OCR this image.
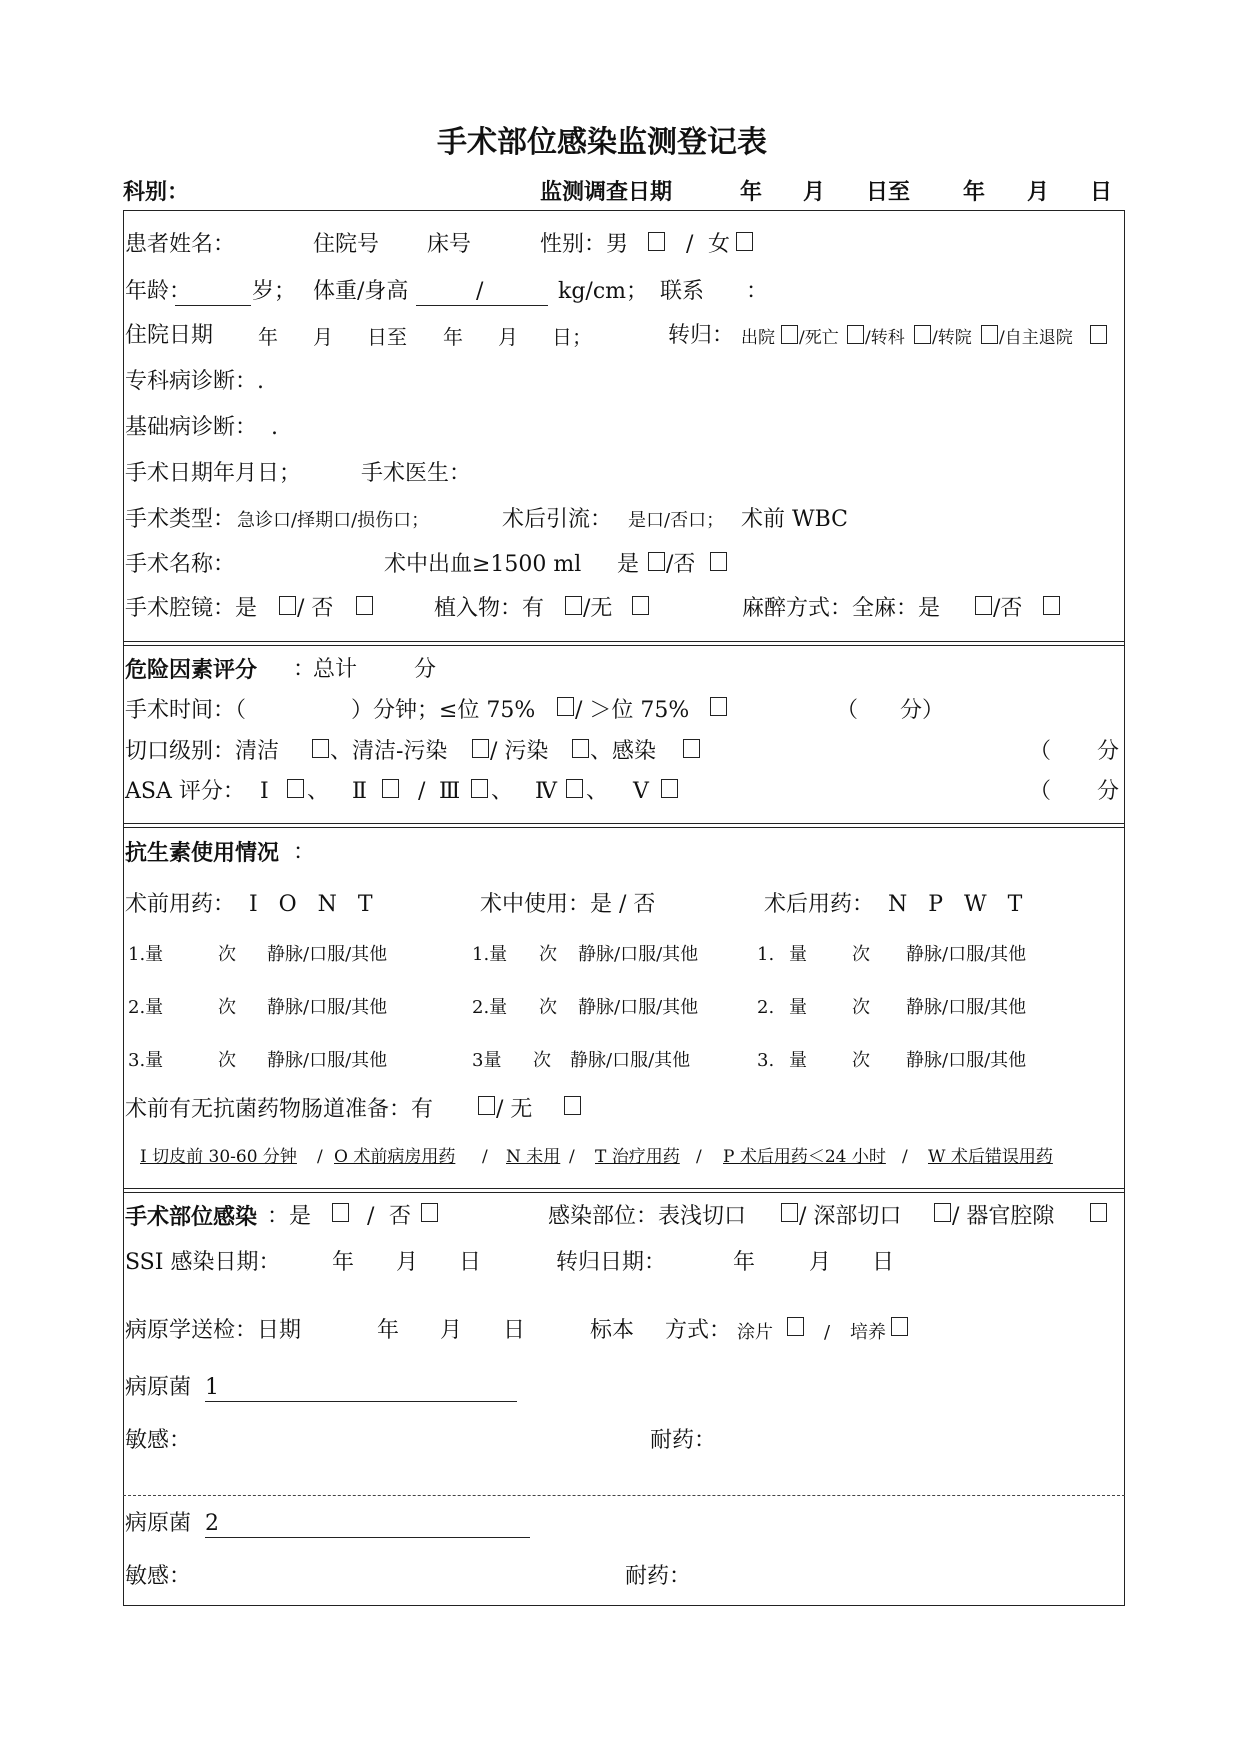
手术部位感染监测登记表
科别：	监测调查日期	年 月 日至 年 月 日
患者姓名：	住院号 床号	性别：男	/ 女
年龄 ：	岁； 体重/身高	/	kg/cm； 联系 ：
住院日期 年 月 日至 年 月 日；	转归： 出院 /死亡 /转科 /转院 /自主退院
专科病诊断：.
基础病诊断：  .
手术日期年月日；	手术医生：
手术类型： 急诊口/择期口/损伤口；	术后引流： 是口/否口； 术前 WBC
手术名称：	术中出血≥1500 ml 是 /否
手术腔镜：是 / 否	植入物：有 /无	麻醉方式：全麻：是 /否
危险因素评分 ：
总计	分
手术时间：（	）分钟；≤位 75% / ＞位 75%	（ 分）
切口级别：清洁 、清洁-污染 / 污染 、感染	（ 分
ASA 评分： Ⅰ 、 Ⅱ / Ⅲ 、 Ⅳ 、 Ⅴ	（ 分
抗生素使用情况 ：
术前用药： I   O   N   T	术中使用：是 / 否	术后用药： N   P   W   T
1.量	次 静脉/口服/其他	1.量 次 静脉/口服/其他	1. 量	次 静脉/口服/其他
2.量	次 静脉/口服/其他	2.量 次 静脉/口服/其他	2. 量	次 静脉/口服/其他
3.量	次 静脉/口服/其他	3量 次 静脉/口服/其他	3. 量	次 静脉/口服/其他
术前有无抗菌药物肠道准备：有	/ 无
I 切皮前 30-60 分钟 / O 术前病房用药 / N 未用 / T 治疗用药 / P 术后用药＜24 小时 / W 术后错误用药
手术部位感染 ：是	/ 否	感染部位：表浅切口 / 深部切口 / 器官腔隙
SSI 感染日期： 年 月 日	转归日期：	年 月 日
病原学送检：日期	年 月 日	标本 方式： 涂片	/ 培养
病原菌 1
敏感：	耐药：
病原菌 2
敏感：	耐药：
